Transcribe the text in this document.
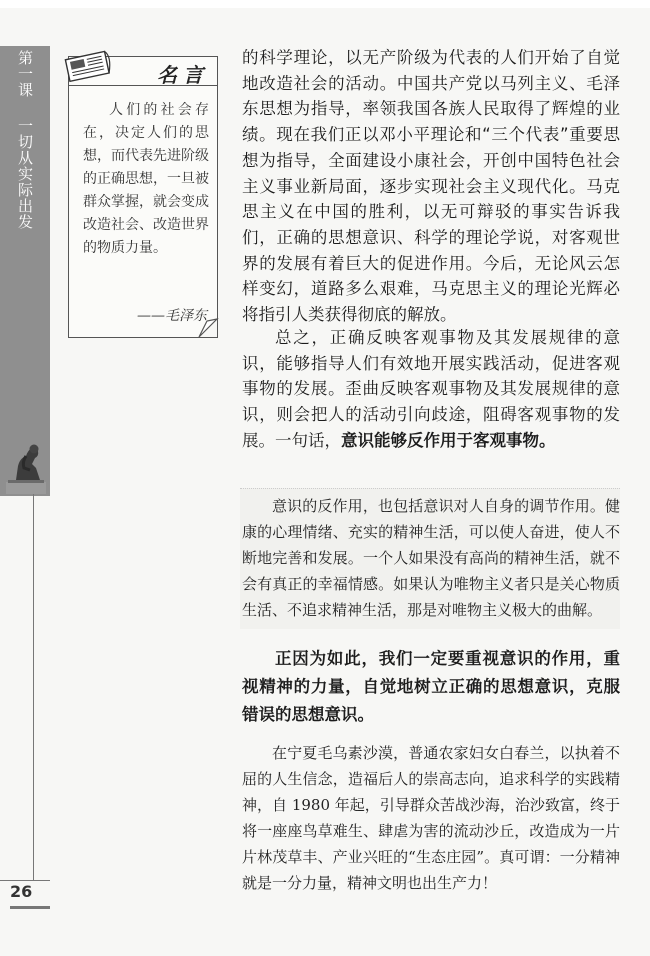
第一课
一切从实际出发
26
名言
人们的社会存在，决定人们的思想，而代表先进阶级的正确思想，一旦被群众掌握，就会变成改造社会、改造世界的物质力量。
——毛泽东
的科学理论，以无产阶级为代表的人们开始了自觉地改造社会的活动。中国共产党以马列主义、毛泽东思想为指导，率领我国各族人民取得了辉煌的业绩。现在我们正以邓小平理论和“三个代表”重要思想为指导，全面建设小康社会，开创中国特色社会主义事业新局面，逐步实现社会主义现代化。马克思主义在中国的胜利，以无可辩驳的事实告诉我们，正确的思想意识、科学的理论学说，对客观世界的发展有着巨大的促进作用。今后，无论风云怎样变幻，道路多么艰难，马克思主义的理论光辉必将指引人类获得彻底的解放。
总之，正确反映客观事物及其发展规律的意识，能够指导人们有效地开展实践活动，促进客观事物的发展。歪曲反映客观事物及其发展规律的意识，则会把人的活动引向歧途，阻碍客观事物的发展。一句话，意识能够反作用于客观事物。
意识的反作用，也包括意识对人自身的调节作用。健康的心理情绪、充实的精神生活，可以使人奋进，使人不断地完善和发展。一个人如果没有高尚的精神生活，就不会有真正的幸福情感。如果认为唯物主义者只是关心物质生活、不追求精神生活，那是对唯物主义极大的曲解。
正因为如此，我们一定要重视意识的作用，重视精神的力量，自觉地树立正确的思想意识，克服错误的思想意识。
在宁夏毛乌素沙漠，普通农家妇女白春兰，以执着不屈的人生信念，造福后人的崇高志向，追求科学的实践精神，自 1980 年起，引导群众苦战沙海，治沙致富，终于将一座座鸟草难生、肆虐为害的流动沙丘，改造成为一片片林茂草丰、产业兴旺的“生态庄园”。真可谓：一分精神就是一分力量，精神文明也出生产力！
